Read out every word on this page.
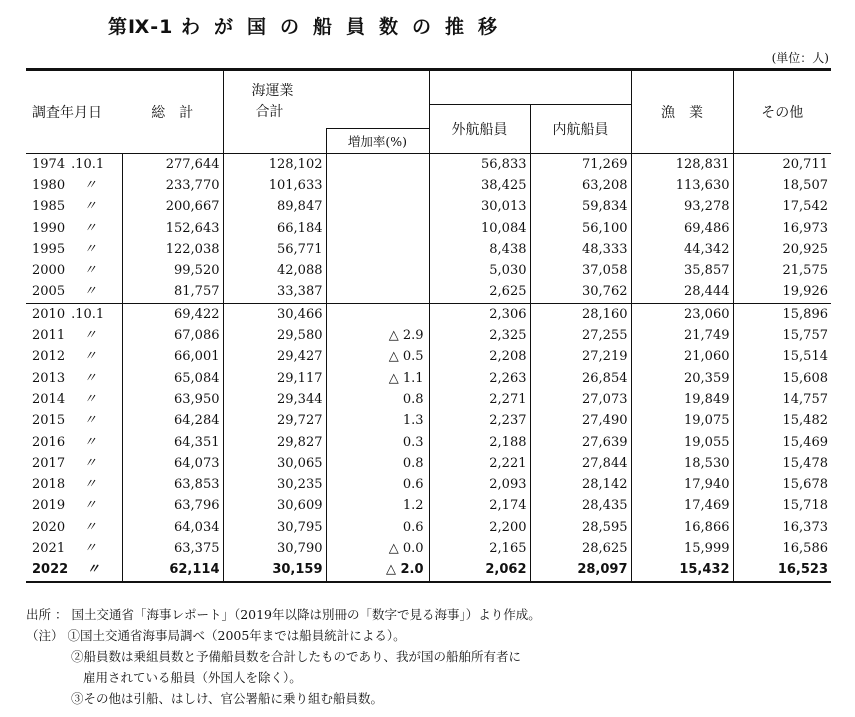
第Ⅸ-1 わが国の船員数の推移
(単位：人)
調査年月日	総　計	海運業
合計				漁　業	その他
				外航船員	内航船員		
			増加率(%)				
1974 .10.1	277,644	128,102		56,833	71,269	128,831	20,711
1980 〃	233,770	101,633		38,425	63,208	113,630	18,507
1985 〃	200,667	89,847		30,013	59,834	93,278	17,542
1990 〃	152,643	66,184		10,084	56,100	69,486	16,973
1995 〃	122,038	56,771		8,438	48,333	44,342	20,925
2000 〃	99,520	42,088		5,030	37,058	35,857	21,575
2005 〃	81,757	33,387		2,625	30,762	28,444	19,926
2010 .10.1	69,422	30,466		2,306	28,160	23,060	15,896
2011 〃	67,086	29,580	△ 2.9	2,325	27,255	21,749	15,757
2012 〃	66,001	29,427	△ 0.5	2,208	27,219	21,060	15,514
2013 〃	65,084	29,117	△ 1.1	2,263	26,854	20,359	15,608
2014 〃	63,950	29,344	0.8	2,271	27,073	19,849	14,757
2015 〃	64,284	29,727	1.3	2,237	27,490	19,075	15,482
2016 〃	64,351	29,827	0.3	2,188	27,639	19,055	15,469
2017 〃	64,073	30,065	0.8	2,221	27,844	18,530	15,478
2018 〃	63,853	30,235	0.6	2,093	28,142	17,940	15,678
2019 〃	63,796	30,609	1.2	2,174	28,435	17,469	15,718
2020 〃	64,034	30,795	0.6	2,200	28,595	16,866	16,373
2021 〃	63,375	30,790	△ 0.0	2,165	28,625	15,999	16,586
2022 〃	62,114	30,159	△ 2.0	2,062	28,097	15,432	16,523
出所 ： 国土交通省「海事レポート」（2019年以降は別冊の「数字で見る海事」）より作成。
（注） ①国土交通省海事局調べ（2005年までは船員統計による）。
②船員数は乗組員数と予備船員数を合計したものであり、我が国の船舶所有者に
雇用されている船員（外国人を除く）。
③その他は引船、はしけ、官公署船に乗り組む船員数。
